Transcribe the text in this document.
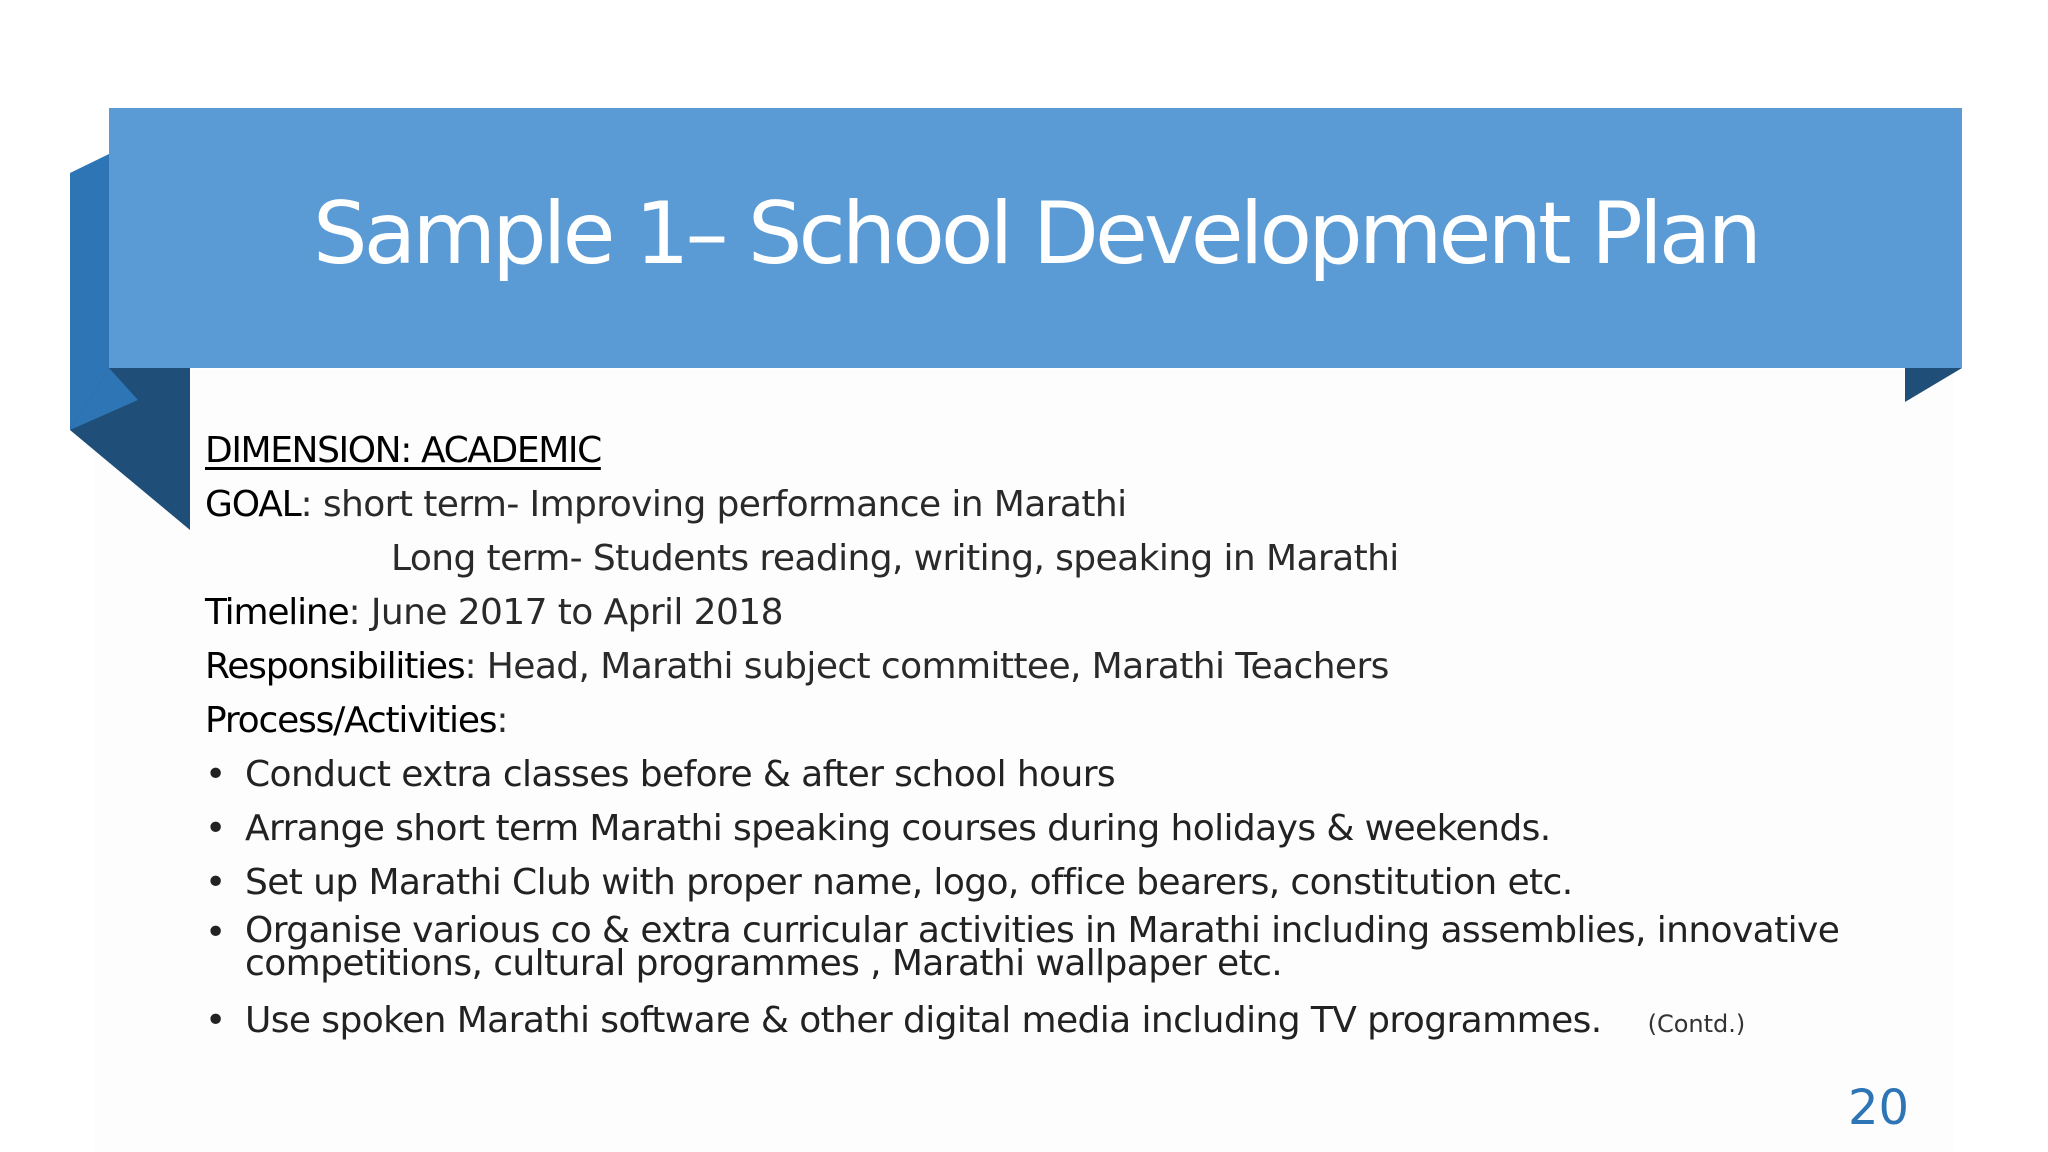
Sample 1– School Development Plan
DIMENSION: ACADEMIC
GOAL: short term- Improving performance in Marathi
Long term- Students reading, writing, speaking in Marathi
Timeline: June 2017 to April 2018
Responsibilities: Head, Marathi subject committee, Marathi Teachers
Process/Activities:
• Conduct extra classes before & after school hours
• Arrange short term Marathi speaking courses during holidays & weekends.
• Set up Marathi Club with proper name, logo, office bearers, constitution etc.
• Organise various co & extra curricular activities in Marathi including assemblies, innovative
competitions, cultural programmes , Marathi wallpaper etc.
• Use spoken Marathi software & other digital media including TV programmes. (Contd.)
20
